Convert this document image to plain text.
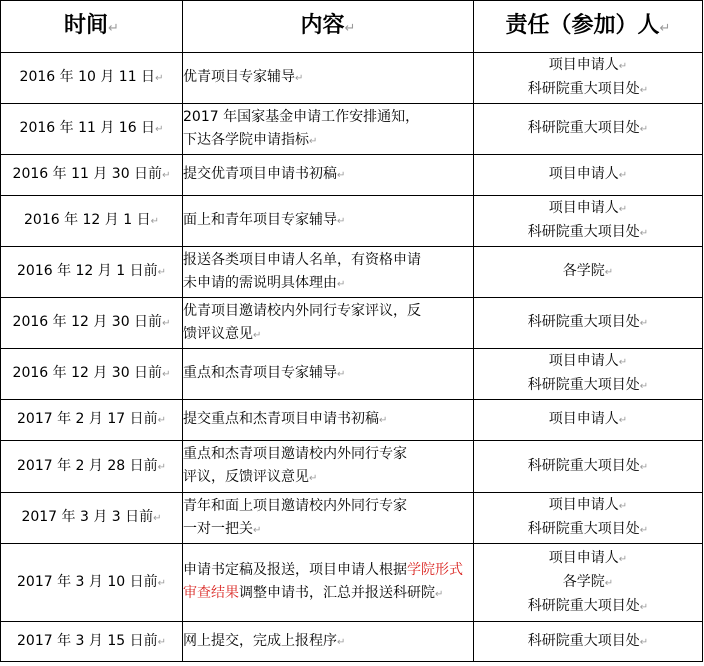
时间↵	内容↵	责任（参加）人↵
2016 年 10 月 11 日↵	优青项目专家辅导↵	项目申请人↵
科研院重大项目处↵

2016 年 11 月 16 日↵	2017 年国家基金申请工作安排通知，
下达各学院申请指标↵	科研院重大项目处↵
2016 年 11 月 30 日前↵	提交优青项目申请书初稿↵	项目申请人↵
2016 年 12 月 1 日↵	面上和青年项目专家辅导↵	项目申请人↵
科研院重大项目处↵

2016 年 12 月 1 日前↵	报送各类项目申请人名单，有资格申请
未申请的需说明具体理由↵	各学院↵
2016 年 12 月 30 日前↵	优青项目邀请校内外同行专家评议，反
馈评议意见↵	科研院重大项目处↵
2016 年 12 月 30 日前↵	重点和杰青项目专家辅导↵	项目申请人↵
科研院重大项目处↵

2017 年 2 月 17 日前↵	提交重点和杰青项目申请书初稿↵	项目申请人↵
2017 年 2 月 28 日前↵	重点和杰青项目邀请校内外同行专家
评议，反馈评议意见↵	科研院重大项目处↵
2017 年 3 月 3 日前↵	青年和面上项目邀请校内外同行专家
一对一把关↵	项目申请人↵
科研院重大项目处↵

2017 年 3 月 10 日前↵	申请书定稿及报送，项目申请人根据学院形式审查结果调整申请书，汇总并报送科研院↵	项目申请人↵
各学院↵
科研院重大项目处↵

2017 年 3 月 15 日前↵	网上提交，完成上报程序↵	科研院重大项目处↵
